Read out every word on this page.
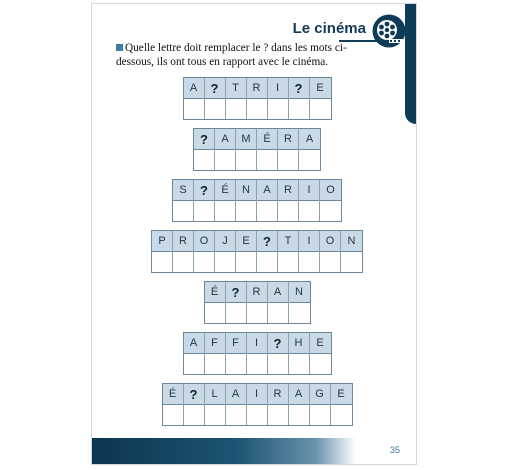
Le cinéma
Quelle lettre doit remplacer le ? dans les mots ci-dessous, ils ont tous en rapport avec le cinéma.
A	?	T	R	I	?	E
?	A	M	É	R	A
S	?	É	N	A	R	I	O
P	R	O	J	E	?	T	I	O	N
É	?	R	A	N
A	F	F	I	?	H	E
É	?	L	A	I	R	A	G	E
35
